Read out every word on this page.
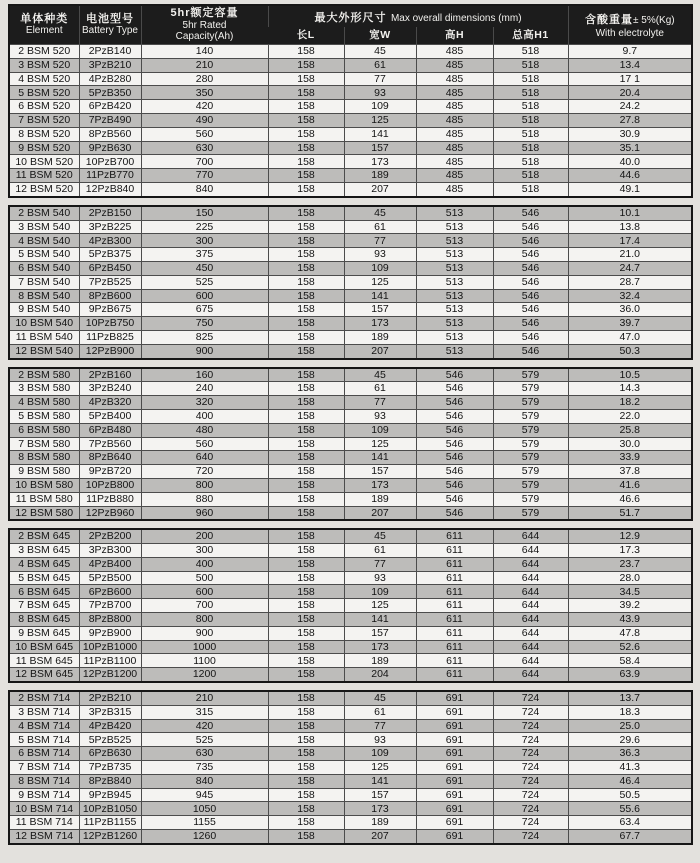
单体种类
Element	电池型号
Battery Type	5hr额定容量
5hr Rated
Capacity(Ah)	最大外形尺寸 Max overall dimensions (mm)				含酸重量± 5%(Kg)
With electrolyte

			长L	宽W	高H	总高H1	
2 BSM 520	2PzB140	140	158	45	485	518	9.7
3 BSM 520	3PzB210	210	158	61	485	518	13.4
4 BSM 520	4PzB280	280	158	77	485	518	17 1
5 BSM 520	5PzB350	350	158	93	485	518	20.4
6 BSM 520	6PzB420	420	158	109	485	518	24.2
7 BSM 520	7PzB490	490	158	125	485	518	27.8
8 BSM 520	8PzB560	560	158	141	485	518	30.9
9 BSM 520	9PzB630	630	158	157	485	518	35.1
10 BSM 520	10PzB700	700	158	173	485	518	40.0
11 BSM 520	11PzB770	770	158	189	485	518	44.6
12 BSM 520	12PzB840	840	158	207	485	518	49.1
2 BSM 540	2PzB150	150	158	45	513	546	10.1
3 BSM 540	3PzB225	225	158	61	513	546	13.8
4 BSM 540	4PzB300	300	158	77	513	546	17.4
5 BSM 540	5PzB375	375	158	93	513	546	21.0
6 BSM 540	6PzB450	450	158	109	513	546	24.7
7 BSM 540	7PzB525	525	158	125	513	546	28.7
8 BSM 540	8PzB600	600	158	141	513	546	32.4
9 BSM 540	9PzB675	675	158	157	513	546	36.0
10 BSM 540	10PzB750	750	158	173	513	546	39.7
11 BSM 540	11PzB825	825	158	189	513	546	47.0
12 BSM 540	12PzB900	900	158	207	513	546	50.3
2 BSM 580	2PzB160	160	158	45	546	579	10.5
3 BSM 580	3PzB240	240	158	61	546	579	14.3
4 BSM 580	4PzB320	320	158	77	546	579	18.2
5 BSM 580	5PzB400	400	158	93	546	579	22.0
6 BSM 580	6PzB480	480	158	109	546	579	25.8
7 BSM 580	7PzB560	560	158	125	546	579	30.0
8 BSM 580	8PzB640	640	158	141	546	579	33.9
9 BSM 580	9PzB720	720	158	157	546	579	37.8
10 BSM 580	10PzB800	800	158	173	546	579	41.6
11 BSM 580	11PzB880	880	158	189	546	579	46.6
12 BSM 580	12PzB960	960	158	207	546	579	51.7
2 BSM 645	2PzB200	200	158	45	611	644	12.9
3 BSM 645	3PzB300	300	158	61	611	644	17.3
4 BSM 645	4PzB400	400	158	77	611	644	23.7
5 BSM 645	5PzB500	500	158	93	611	644	28.0
6 BSM 645	6PzB600	600	158	109	611	644	34.5
7 BSM 645	7PzB700	700	158	125	611	644	39.2
8 BSM 645	8PzB800	800	158	141	611	644	43.9
9 BSM 645	9PzB900	900	158	157	611	644	47.8
10 BSM 645	10PzB1000	1000	158	173	611	644	52.6
11 BSM 645	11PzB1100	1100	158	189	611	644	58.4
12 BSM 645	12PzB1200	1200	158	204	611	644	63.9
2 BSM 714	2PzB210	210	158	45	691	724	13.7
3 BSM 714	3PzB315	315	158	61	691	724	18.3
4 BSM 714	4PzB420	420	158	77	691	724	25.0
5 BSM 714	5PzB525	525	158	93	691	724	29.6
6 BSM 714	6PzB630	630	158	109	691	724	36.3
7 BSM 714	7PzB735	735	158	125	691	724	41.3
8 BSM 714	8PzB840	840	158	141	691	724	46.4
9 BSM 714	9PzB945	945	158	157	691	724	50.5
10 BSM 714	10PzB1050	1050	158	173	691	724	55.6
11 BSM 714	11PzB1155	1155	158	189	691	724	63.4
12 BSM 714	12PzB1260	1260	158	207	691	724	67.7
